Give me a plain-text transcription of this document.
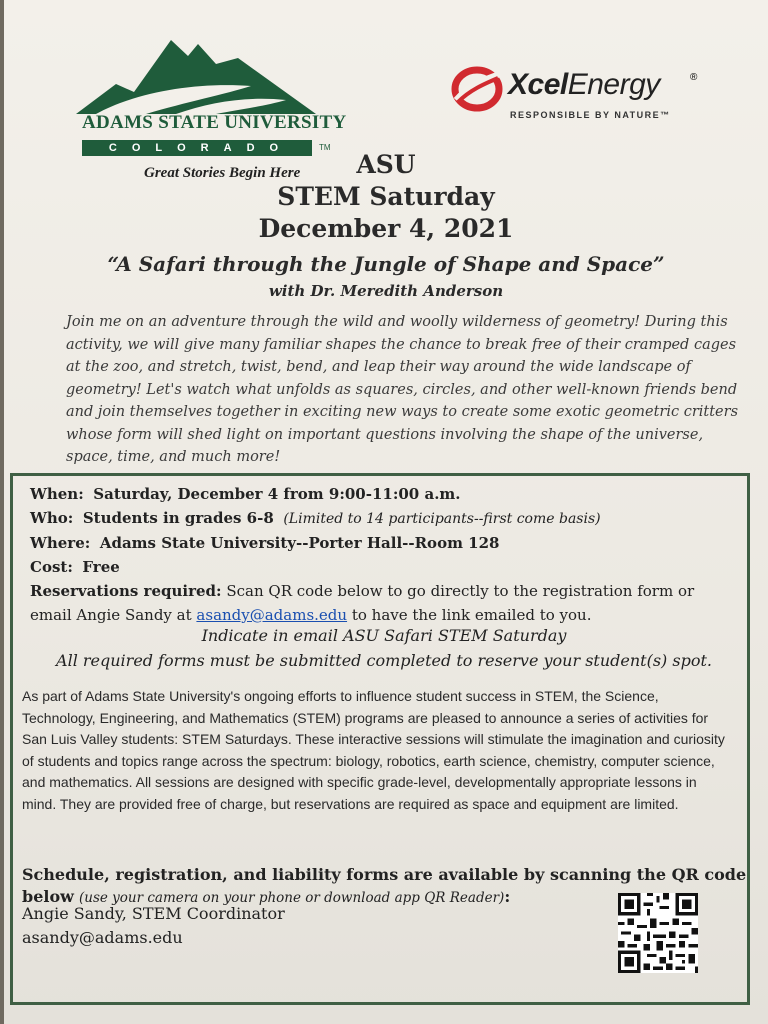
ADAMS STATE UNIVERSITY
COLORADO	TM
Great Stories Begin Here
XcelEnergy	®
RESPONSIBLE BY NATURE™
ASU
STEM Saturday
December 4, 2021
“A Safari through the Jungle of Shape and Space”
with Dr. Meredith Anderson
Join me on an adventure through the wild and woolly wilderness of geometry! During this activity, we will give many familiar shapes the chance to break free of their cramped cages at the zoo, and stretch, twist, bend, and leap their way around the wide landscape of geometry! Let's watch what unfolds as squares, circles, and other well-known friends bend and join themselves together in exciting new ways to create some exotic geometric critters whose form will shed light on important questions involving the shape of the universe, space, time, and much more!
When: Saturday, December 4 from 9:00-11:00 a.m.
Who: Students in grades 6-8 (Limited to 14 participants--first come basis)
Where: Adams State University--Porter Hall--Room 128
Cost: Free
Reservations required: Scan QR code below to go directly to the registration form or
email Angie Sandy at asandy@adams.edu to have the link emailed to you.
Indicate in email ASU Safari STEM Saturday
All required forms must be submitted completed to reserve your student(s) spot.
As part of Adams State University's ongoing efforts to influence student success in STEM, the Science, Technology, Engineering, and Mathematics (STEM) programs are pleased to announce a series of activities for San Luis Valley students: STEM Saturdays. These interactive sessions will stimulate the imagination and curiosity of students and topics range across the spectrum: biology, robotics, earth science, chemistry, computer science, and mathematics. All sessions are designed with specific grade-level, developmentally appropriate lessons in mind. They are provided free of charge, but reservations are required as space and equipment are limited.
Schedule, registration, and liability forms are available by scanning the QR code below (use your camera on your phone or download app QR Reader):
Angie Sandy, STEM Coordinator
asandy@adams.edu
